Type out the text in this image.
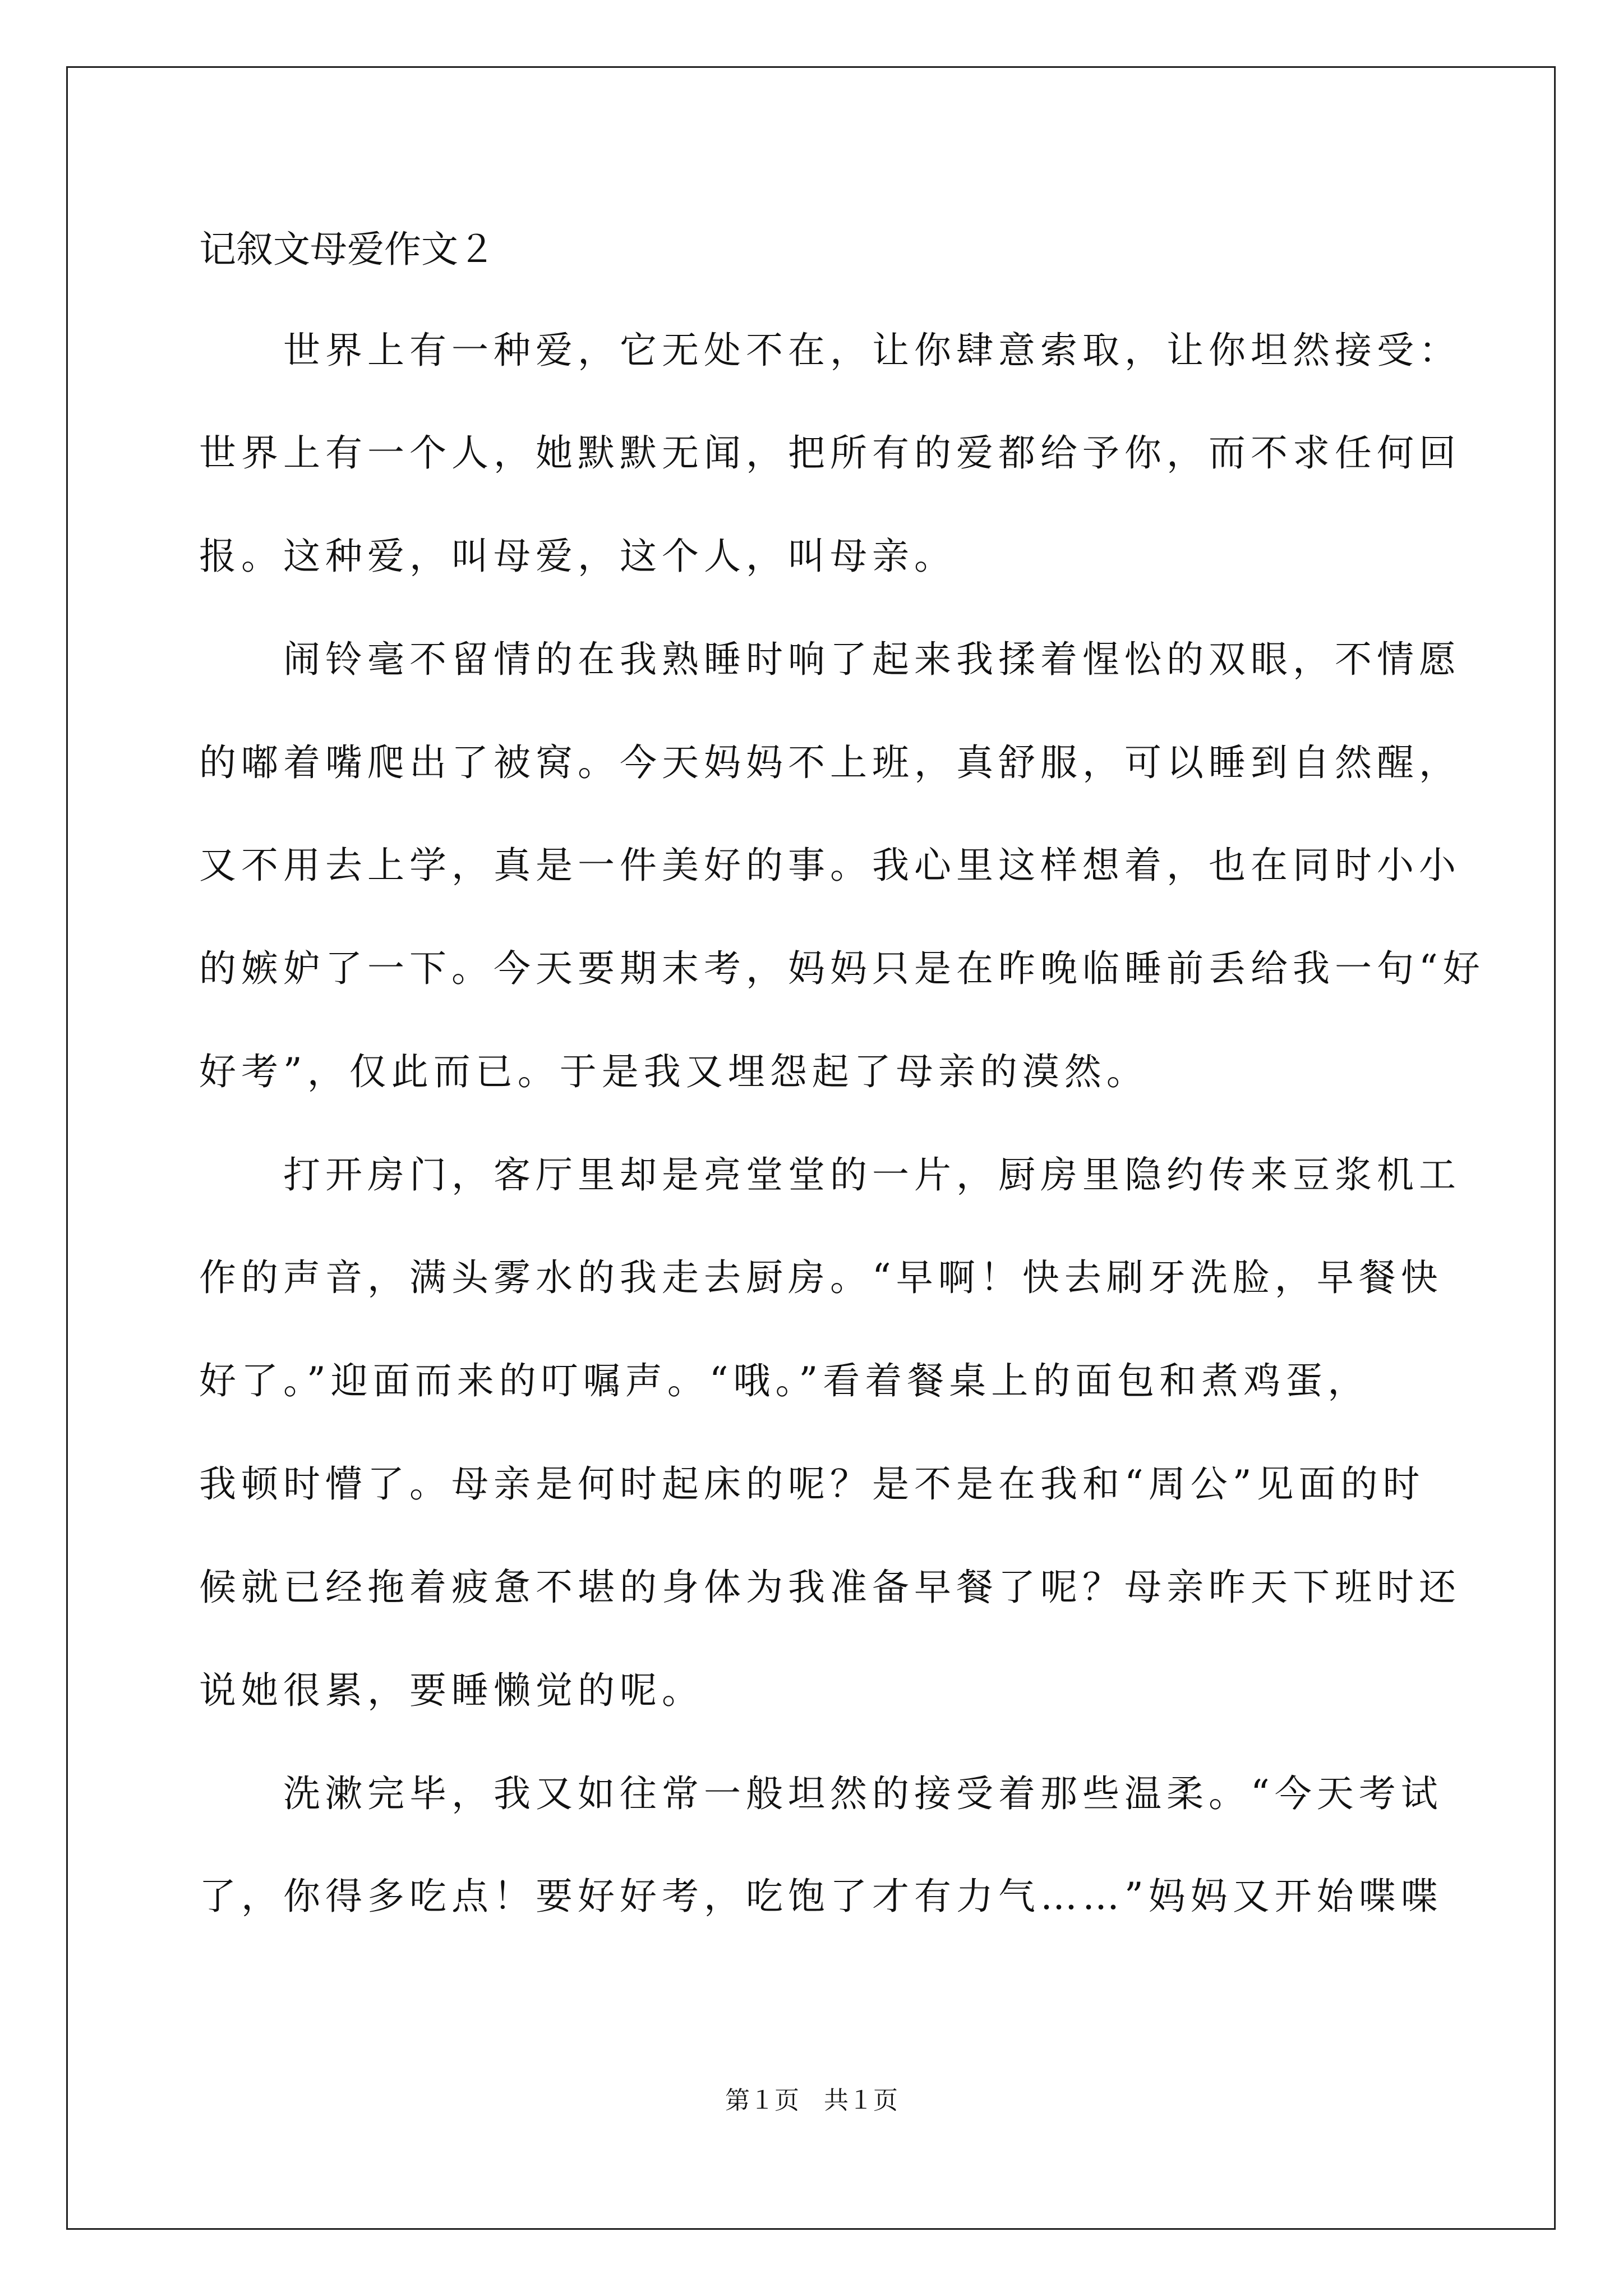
记叙文母爱作文２

世界上有一种爱，它无处不在，让你肆意索取，让你坦然接受：

世界上有一个人，她默默无闻，把所有的爱都给予你，而不求任何回

报。这种爱，叫母爱，这个人，叫母亲。

闹铃毫不留情的在我熟睡时响了起来我揉着惺忪的双眼，不情愿

的嘟着嘴爬出了被窝。今天妈妈不上班，真舒服，可以睡到自然醒，

又不用去上学，真是一件美好的事。我心里这样想着，也在同时小小

的嫉妒了一下。今天要期末考，妈妈只是在昨晚临睡前丢给我一句“好

好考”，仅此而已。于是我又埋怨起了母亲的漠然。

打开房门，客厅里却是亮堂堂的一片，厨房里隐约传来豆浆机工

作的声音，满头雾水的我走去厨房。“早啊！快去刷牙洗脸，早餐快

好了。”迎面而来的叮嘱声。“哦。”看着餐桌上的面包和煮鸡蛋，

我顿时懵了。母亲是何时起床的呢？是不是在我和“周公”见面的时

候就已经拖着疲惫不堪的身体为我准备早餐了呢？母亲昨天下班时还

说她很累，要睡懒觉的呢。

洗漱完毕，我又如往常一般坦然的接受着那些温柔。“今天考试

了，你得多吃点！要好好考，吃饱了才有力气……”妈妈又开始喋喋

第１页　共１页
